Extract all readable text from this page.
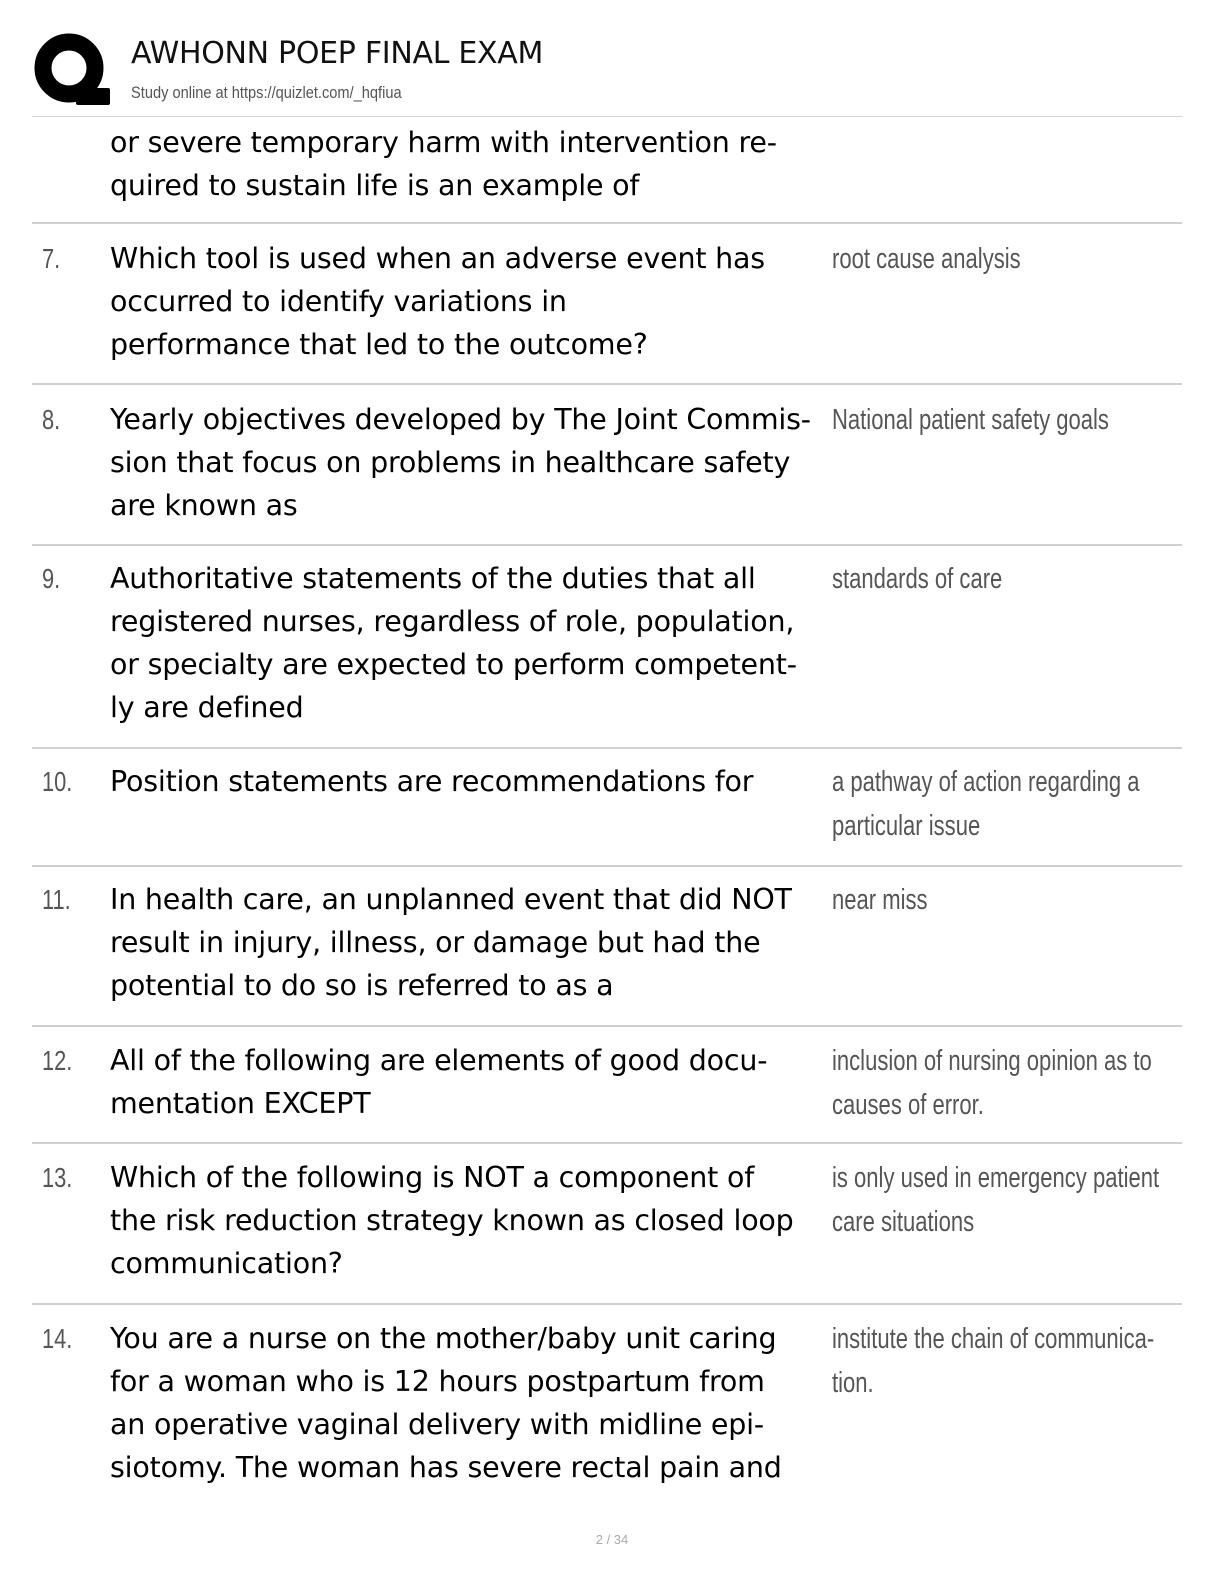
AWHONN POEP FINAL EXAM
Study online at https://quizlet.com/_hqfiua
or severe temporary harm with intervention re-
quired to sustain life is an example of
7. Which tool is used when an adverse event has
occurred to identify variations in
performance that led to the outcome?
root cause analysis
8. Yearly objectives developed by The Joint Commis-
sion that focus on problems in healthcare safety
are known as
National patient safety goals
9. Authoritative statements of the duties that all
registered nurses, regardless of role, population,
or specialty are expected to perform competent-
ly are defined
standards of care
10. Position statements are recommendations for	a pathway of action regarding a
particular issue
11. In health care, an unplanned event that did NOT
result in injury, illness, or damage but had the
potential to do so is referred to as a
near miss
12. All of the following are elements of good docu-
mentation EXCEPT
inclusion of nursing opinion as to
causes of error.
13. Which of the following is NOT a component of
the risk reduction strategy known as closed loop
communication?
is only used in emergency patient
care situations
14. You are a nurse on the mother/baby unit caring
for a woman who is 12 hours postpartum from
an operative vaginal delivery with midline epi-
siotomy. The woman has severe rectal pain and
institute the chain of communica-
tion.
2 / 34
